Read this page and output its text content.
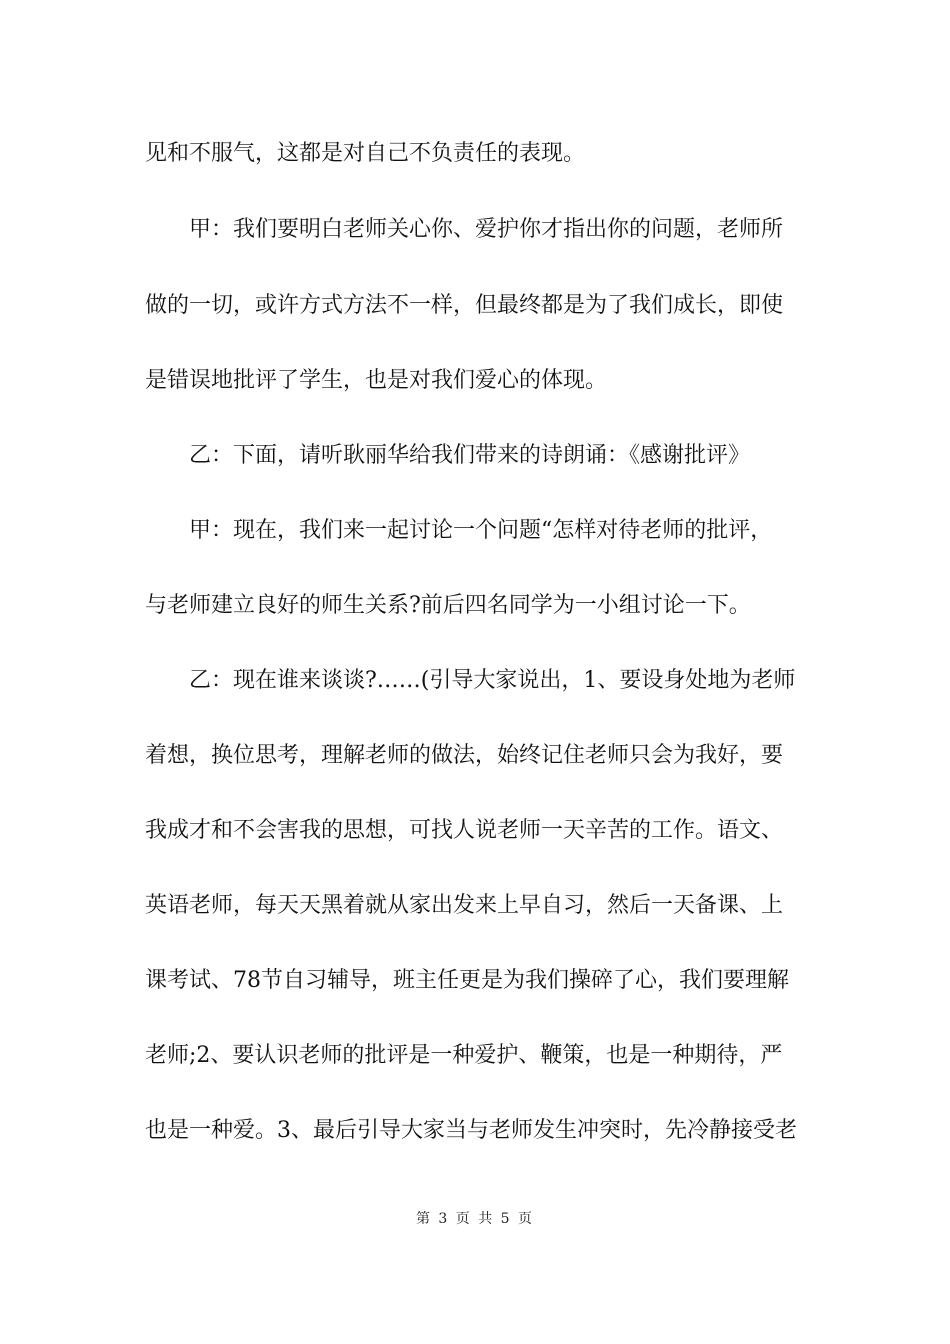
见和不服气，这都是对自己不负责任的表现。

　　甲：我们要明白老师关心你、爱护你才指出你的问题，老师所

做的一切，或许方式方法不一样，但最终都是为了我们成长，即使

是错误地批评了学生，也是对我们爱心的体现。

　　乙：下面，请听耿丽华给我们带来的诗朗诵：《感谢批评》

　　甲：现在，我们来一起讨论一个问题“怎样对待老师的批评，

与老师建立良好的师生关系?前后四名同学为一小组讨论一下。

　　乙：现在谁来谈谈?……(引导大家说出，1、要设身处地为老师

着想，换位思考，理解老师的做法，始终记住老师只会为我好，要

我成才和不会害我的思想，可找人说老师一天辛苦的工作。语文、

英语老师，每天天黑着就从家出发来上早自习，然后一天备课、上

课考试、78节自习辅导，班主任更是为我们操碎了心，我们要理解

老师;2、要认识老师的批评是一种爱护、鞭策，也是一种期待，严

也是一种爱。3、最后引导大家当与老师发生冲突时，先冷静接受老

第 3 页 共 5 页
